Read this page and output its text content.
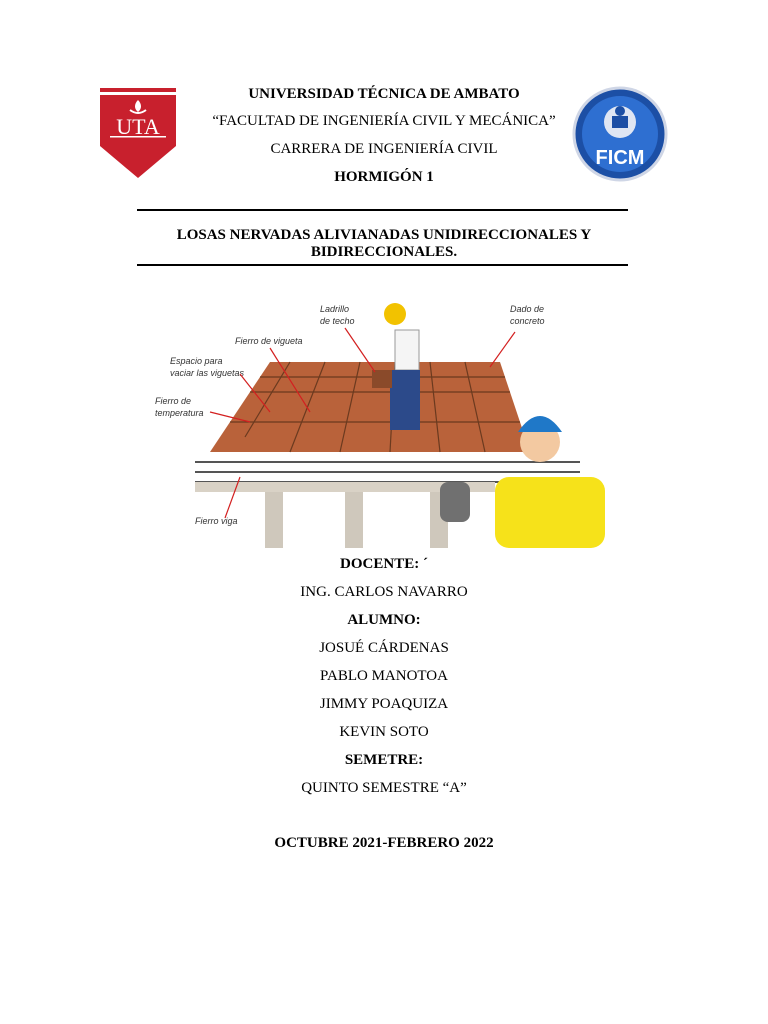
UTA
FICM
UNIVERSIDAD TÉCNICA DE AMBATO
“FACULTAD DE INGENIERÍA CIVIL Y MECÁNICA”
CARRERA DE INGENIERÍA CIVIL
HORMIGÓN 1
LOSAS NERVADAS ALIVIANADAS UNIDIRECCIONALES Y
BIDIRECCIONALES.
Ladrillo
de techo
Fierro de vigueta
Espacio para
vaciar las viguetas
Fierro de
temperatura
Dado de
concreto
Fierro viga
DOCENTE: ´
ING. CARLOS NAVARRO
ALUMNO:
JOSUÉ CÁRDENAS
PABLO MANOTOA
JIMMY POAQUIZA
KEVIN SOTO
SEMETRE:
QUINTO SEMESTRE “A”
OCTUBRE 2021-FEBRERO 2022
